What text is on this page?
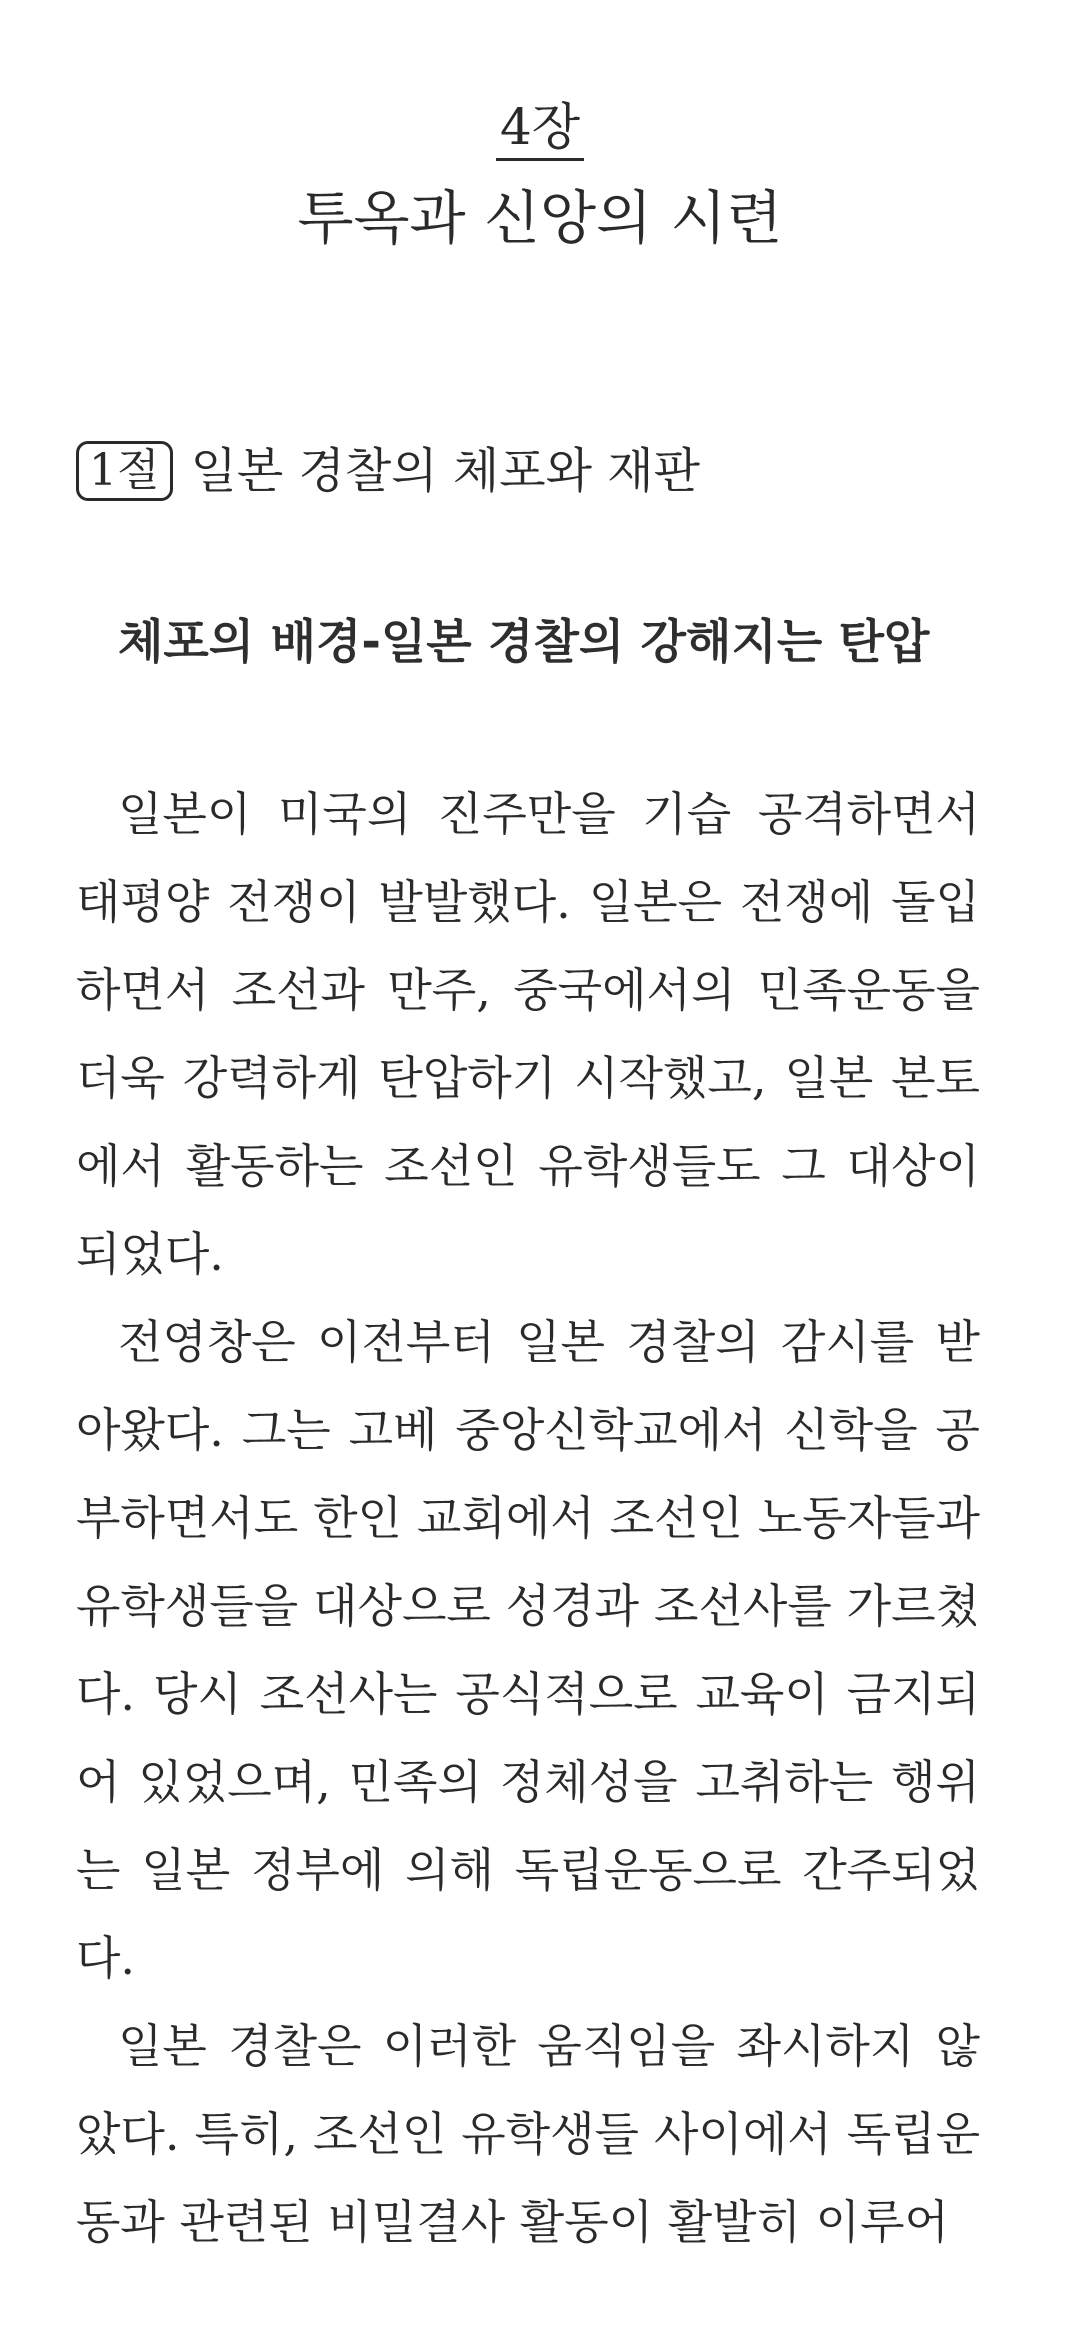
4장
투옥과 신앙의 시련
1절 일본 경찰의 체포와 재판
체포의 배경-일본 경찰의 강해지는 탄압
일본이 미국의 진주만을 기습 공격하면서
태평양 전쟁이 발발했다. 일본은 전쟁에 돌입
하면서 조선과 만주, 중국에서의 민족운동을
더욱 강력하게 탄압하기 시작했고, 일본 본토
에서 활동하는 조선인 유학생들도 그 대상이
되었다.
전영창은 이전부터 일본 경찰의 감시를 받
아왔다. 그는 고베 중앙신학교에서 신학을 공
부하면서도 한인 교회에서 조선인 노동자들과
유학생들을 대상으로 성경과 조선사를 가르쳤
다. 당시 조선사는 공식적으로 교육이 금지되
어 있었으며, 민족의 정체성을 고취하는 행위
는 일본 정부에 의해 독립운동으로 간주되었
다.
일본 경찰은 이러한 움직임을 좌시하지 않
았다. 특히, 조선인 유학생들 사이에서 독립운
동과 관련된 비밀결사 활동이 활발히 이루어
